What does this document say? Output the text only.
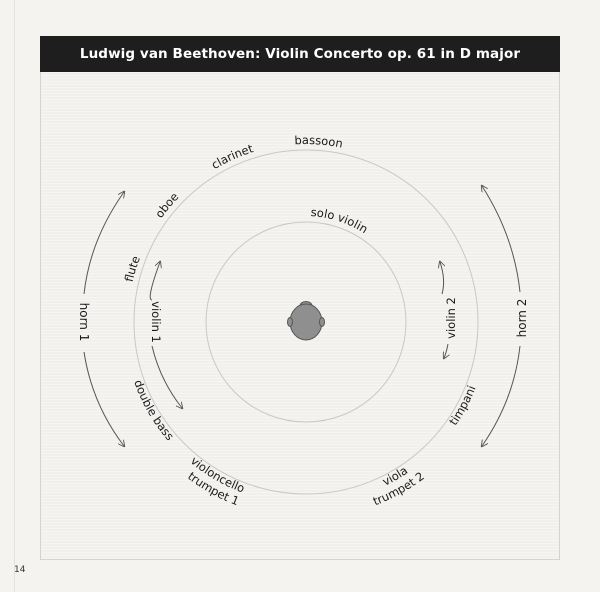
Ludwig van Beethoven: Violin Concerto op. 61 in D major
14
solo violin
bassoon
clarinet
oboe
flute
timpani
viola
trumpet 2
violoncello
trumpet 1
double bass
violin 1	violin 2
horn 1	horn 2
